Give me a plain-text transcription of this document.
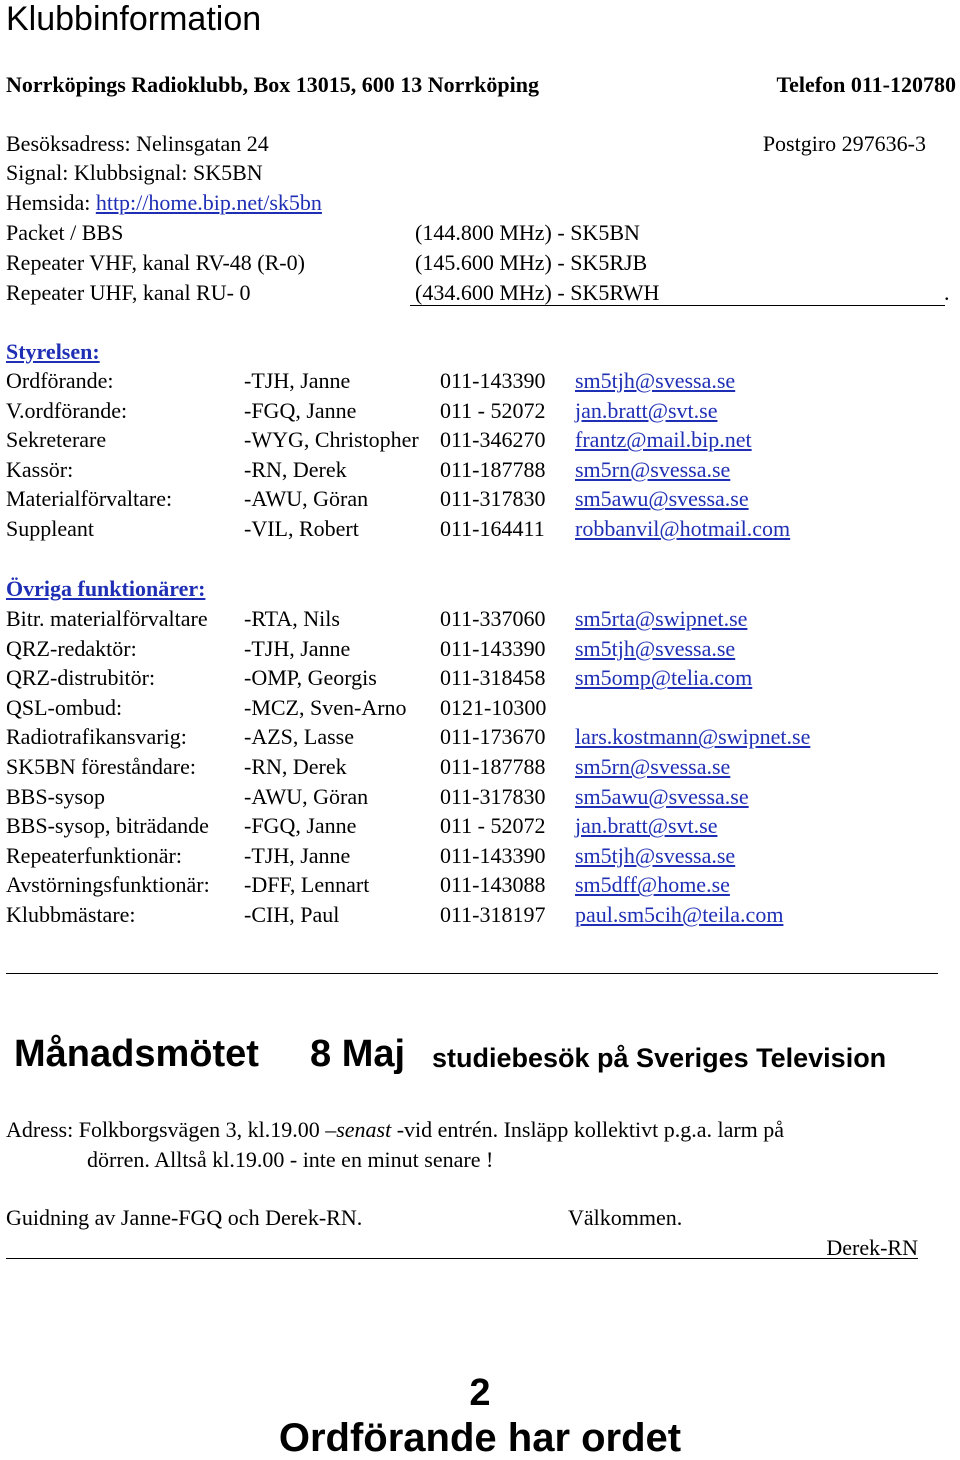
Klubbinformation
Norrköpings Radioklubb, Box 13015, 600 13 Norrköping	Telefon 011-120780
Besöksadress: Nelinsgatan 24	Postgiro 297636-3
Signal: Klubbsignal: SK5BN
Hemsida: http://home.bip.net/sk5bn
Packet / BBS	(144.800 MHz) - SK5BN
Repeater VHF, kanal RV-48 (R-0)	(145.600 MHz) - SK5RJB
Repeater UHF, kanal RU- 0	(434.600 MHz) - SK5RWH	.
Styrelsen:
Ordförande:	-TJH, Janne	011-143390 sm5tjh@svessa.se
V.ordförande:	-FGQ, Janne	011 - 52072 jan.bratt@svt.se
Sekreterare	-WYG, Christopher 011-346270 frantz@mail.bip.net
Kassör:	-RN, Derek	011-187788 sm5rn@svessa.se
Materialförvaltare:	-AWU, Göran	011-317830 sm5awu@svessa.se
Suppleant	-VIL, Robert	011-164411 robbanvil@hotmail.com
Övriga funktionärer:
Bitr. materialförvaltare -RTA, Nils	011-337060 sm5rta@swipnet.se
QRZ-redaktör:	-TJH, Janne	011-143390 sm5tjh@svessa.se
QRZ-distrubitör:	-OMP, Georgis	011-318458 sm5omp@telia.com
QSL-ombud:	-MCZ, Sven-Arno 0121-10300
Radiotrafikansvarig:	-AZS, Lasse	011-173670 lars.kostmann@swipnet.se
SK5BN föreståndare: -RN, Derek	011-187788 sm5rn@svessa.se
BBS-sysop	-AWU, Göran	011-317830 sm5awu@svessa.se
BBS-sysop, biträdande -FGQ, Janne	011 - 52072 jan.bratt@svt.se
Repeaterfunktionär:	-TJH, Janne	011-143390 sm5tjh@svessa.se
Avstörningsfunktionär: -DFF, Lennart	011-143088 sm5dff@home.se
Klubbmästare:	-CIH, Paul	011-318197 paul.sm5cih@teila.com
Månadsmötet 8 Maj studiebesök på Sveriges Television
Adress: Folkborgsvägen 3, kl.19.00 –senast -vid entrén. Insläpp kollektivt p.g.a. larm på
dörren. Alltså kl.19.00 - inte en minut senare !
Guidning av Janne-FGQ och Derek-RN.	Välkommen.
Derek-RN
2
Ordförande har ordet
